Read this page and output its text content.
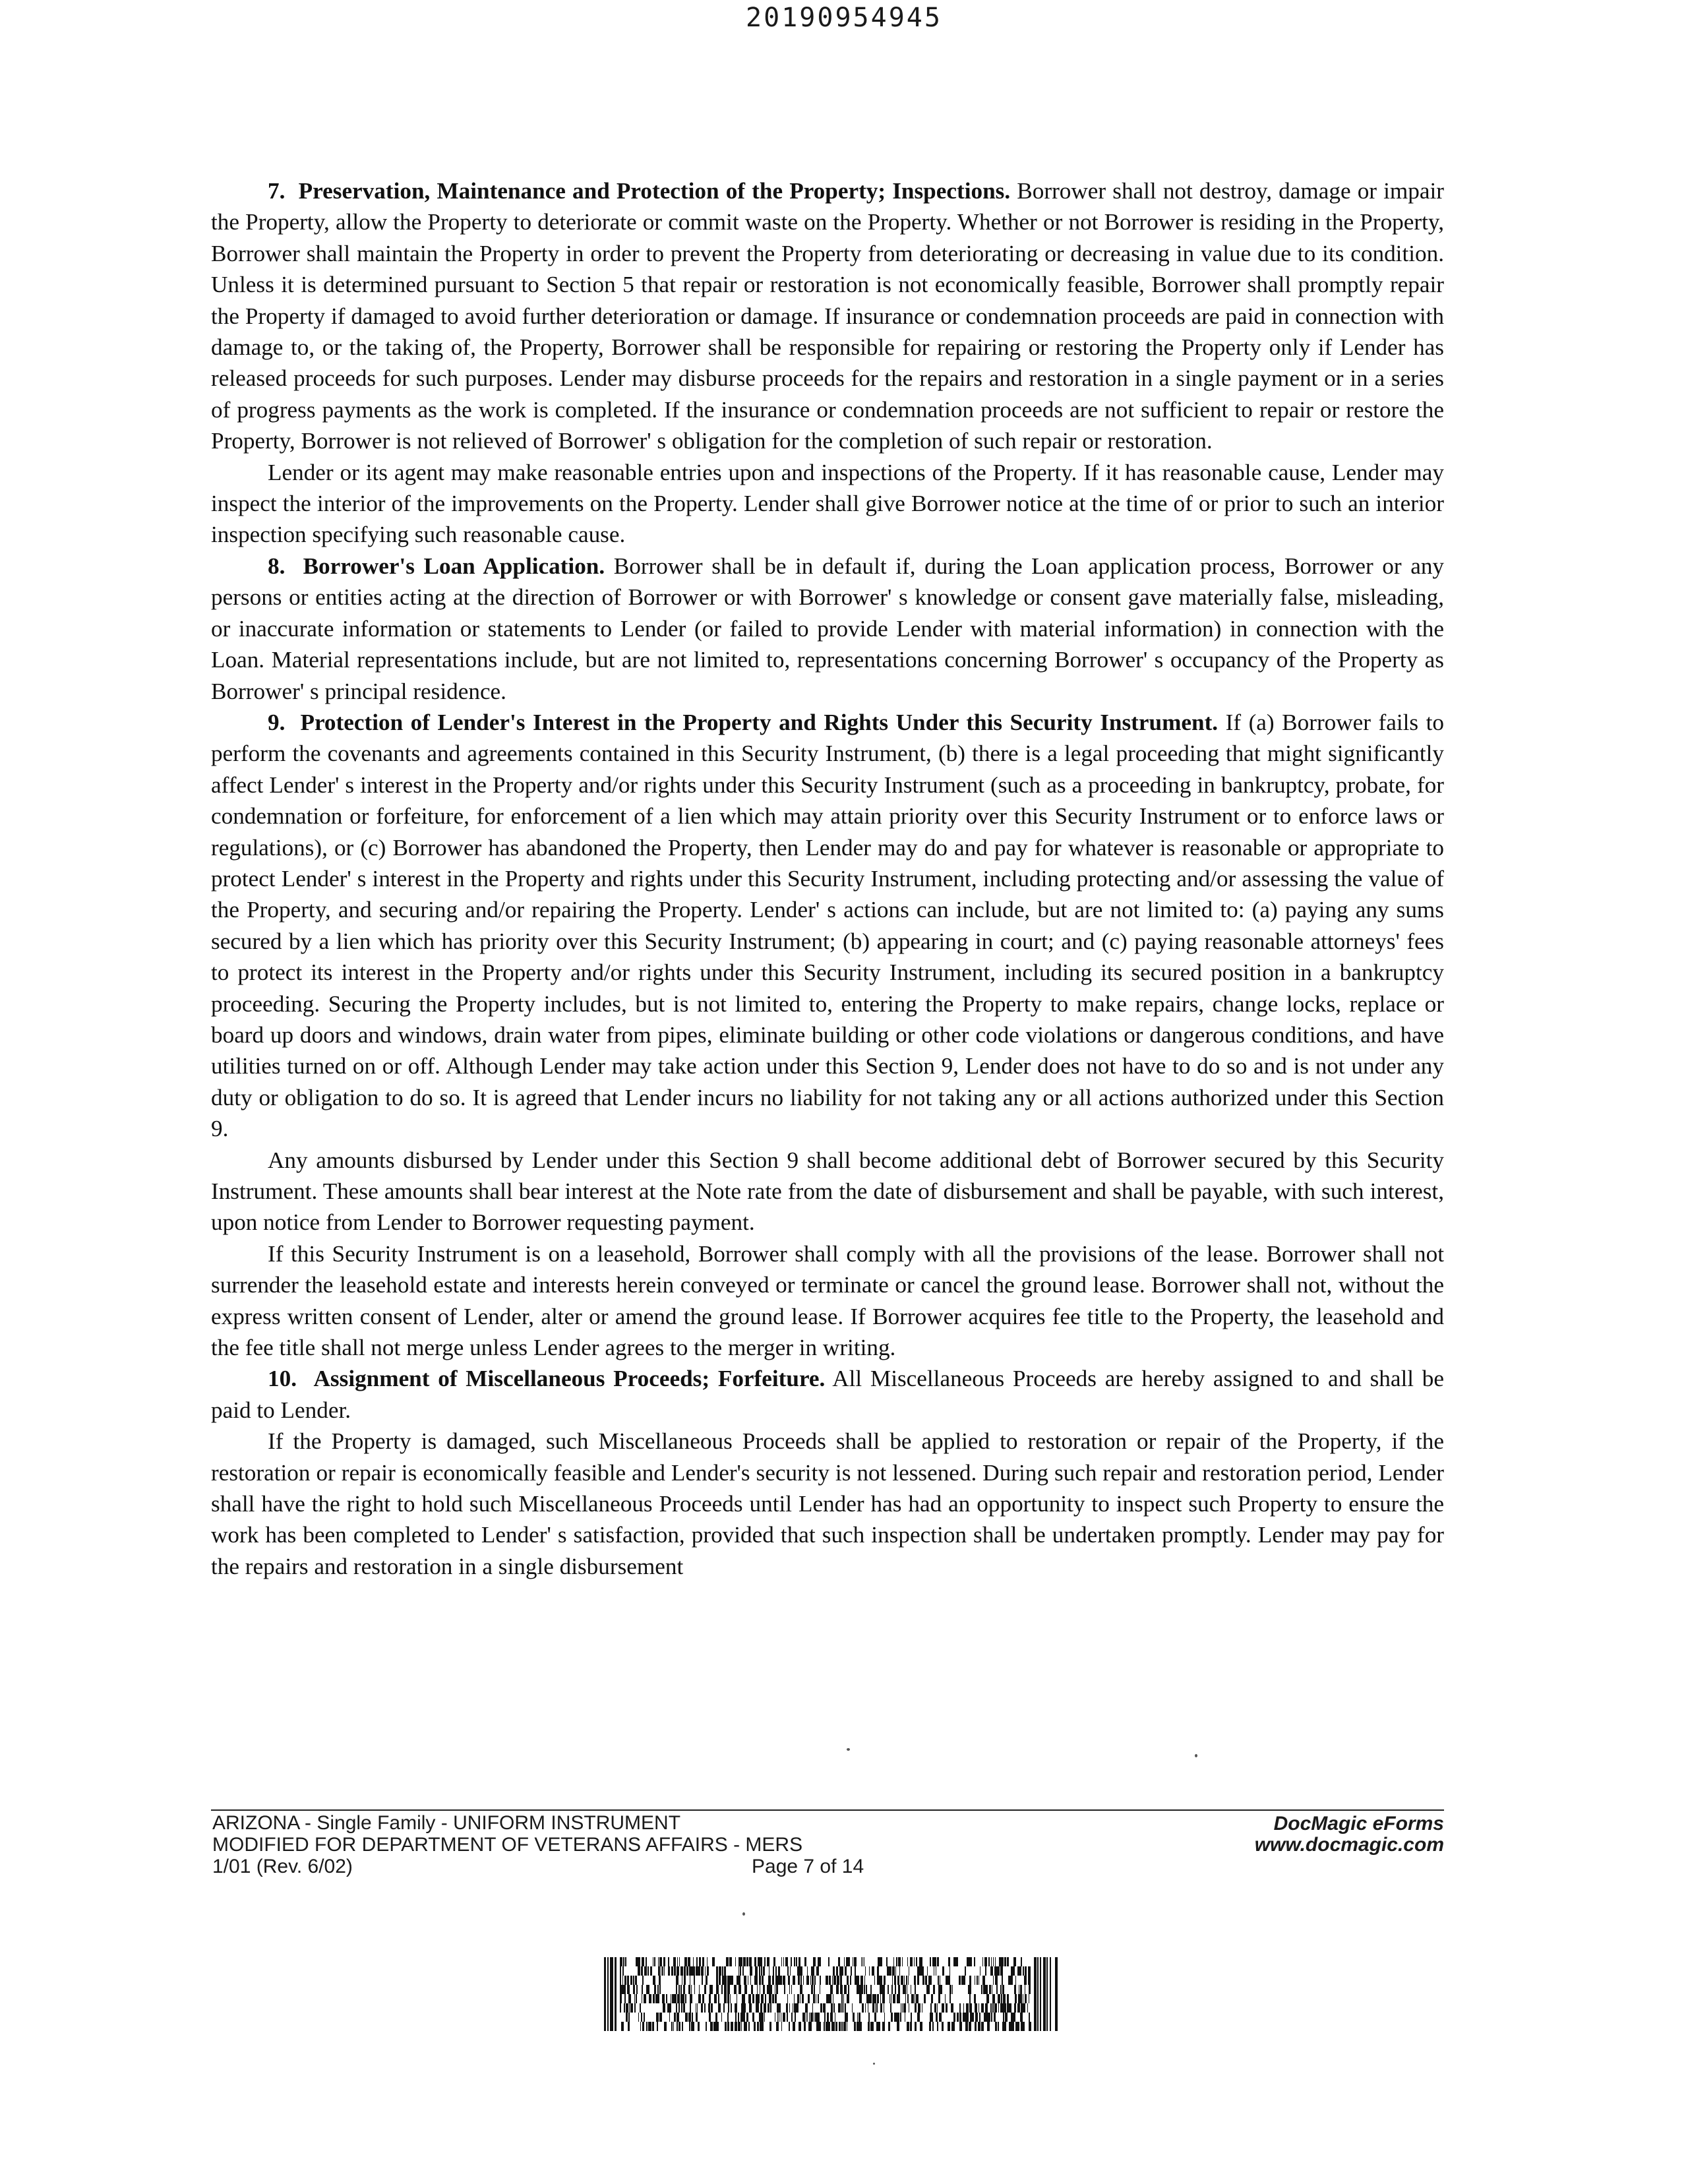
20190954945

7. Preservation, Maintenance and Protection of the Property; Inspections. Borrower shall not destroy, damage or impair the Property, allow the Property to deteriorate or commit waste on the Property. Whether or not Borrower is residing in the Property, Borrower shall maintain the Property in order to prevent the Property from deteriorating or decreasing in value due to its condition. Unless it is determined pursuant to Section 5 that repair or restoration is not economically feasible, Borrower shall promptly repair the Property if damaged to avoid further deterioration or damage. If insurance or condemnation proceeds are paid in connection with damage to, or the taking of, the Property, Borrower shall be responsible for repairing or restoring the Property only if Lender has released proceeds for such purposes. Lender may disburse proceeds for the repairs and restoration in a single payment or in a series of progress payments as the work is completed. If the insurance or condemnation proceeds are not sufficient to repair or restore the Property, Borrower is not relieved of Borrower' s obligation for the completion of such repair or restoration.

Lender or its agent may make reasonable entries upon and inspections of the Property. If it has reasonable cause, Lender may inspect the interior of the improvements on the Property. Lender shall give Borrower notice at the time of or prior to such an interior inspection specifying such reasonable cause.

8. Borrower's Loan Application. Borrower shall be in default if, during the Loan application process, Borrower or any persons or entities acting at the direction of Borrower or with Borrower' s knowledge or consent gave materially false, misleading, or inaccurate information or statements to Lender (or failed to provide Lender with material information) in connection with the Loan. Material representations include, but are not limited to, representations concerning Borrower' s occupancy of the Property as Borrower' s principal residence.

9. Protection of Lender's Interest in the Property and Rights Under this Security Instrument. If (a) Borrower fails to perform the covenants and agreements contained in this Security Instrument, (b) there is a legal proceeding that might significantly affect Lender' s interest in the Property and/or rights under this Security Instrument (such as a proceeding in bankruptcy, probate, for condemnation or forfeiture, for enforcement of a lien which may attain priority over this Security Instrument or to enforce laws or regulations), or (c) Borrower has abandoned the Property, then Lender may do and pay for whatever is reasonable or appropriate to protect Lender' s interest in the Property and rights under this Security Instrument, including protecting and/or assessing the value of the Property, and securing and/or repairing the Property. Lender' s actions can include, but are not limited to: (a) paying any sums secured by a lien which has priority over this Security Instrument; (b) appearing in court; and (c) paying reasonable attorneys' fees to protect its interest in the Property and/or rights under this Security Instrument, including its secured position in a bankruptcy proceeding. Securing the Property includes, but is not limited to, entering the Property to make repairs, change locks, replace or board up doors and windows, drain water from pipes, eliminate building or other code violations or dangerous conditions, and have utilities turned on or off. Although Lender may take action under this Section 9, Lender does not have to do so and is not under any duty or obligation to do so. It is agreed that Lender incurs no liability for not taking any or all actions authorized under this Section 9.

Any amounts disbursed by Lender under this Section 9 shall become additional debt of Borrower secured by this Security Instrument. These amounts shall bear interest at the Note rate from the date of disbursement and shall be payable, with such interest, upon notice from Lender to Borrower requesting payment.

If this Security Instrument is on a leasehold, Borrower shall comply with all the provisions of the lease. Borrower shall not surrender the leasehold estate and interests herein conveyed or terminate or cancel the ground lease. Borrower shall not, without the express written consent of Lender, alter or amend the ground lease. If Borrower acquires fee title to the Property, the leasehold and the fee title shall not merge unless Lender agrees to the merger in writing.

10. Assignment of Miscellaneous Proceeds; Forfeiture. All Miscellaneous Proceeds are hereby assigned to and shall be paid to Lender.

If the Property is damaged, such Miscellaneous Proceeds shall be applied to restoration or repair of the Property, if the restoration or repair is economically feasible and Lender's security is not lessened. During such repair and restoration period, Lender shall have the right to hold such Miscellaneous Proceeds until Lender has had an opportunity to inspect such Property to ensure the work has been completed to Lender' s satisfaction, provided that such inspection shall be undertaken promptly. Lender may pay for the repairs and restoration in a single disbursement

ARIZONA - Single Family - UNIFORM INSTRUMENT
MODIFIED FOR DEPARTMENT OF VETERANS AFFAIRS - MERS
1/01 (Rev. 6/02)	Page 7 of 14
DocMagic eForms
www.docmagic.com
